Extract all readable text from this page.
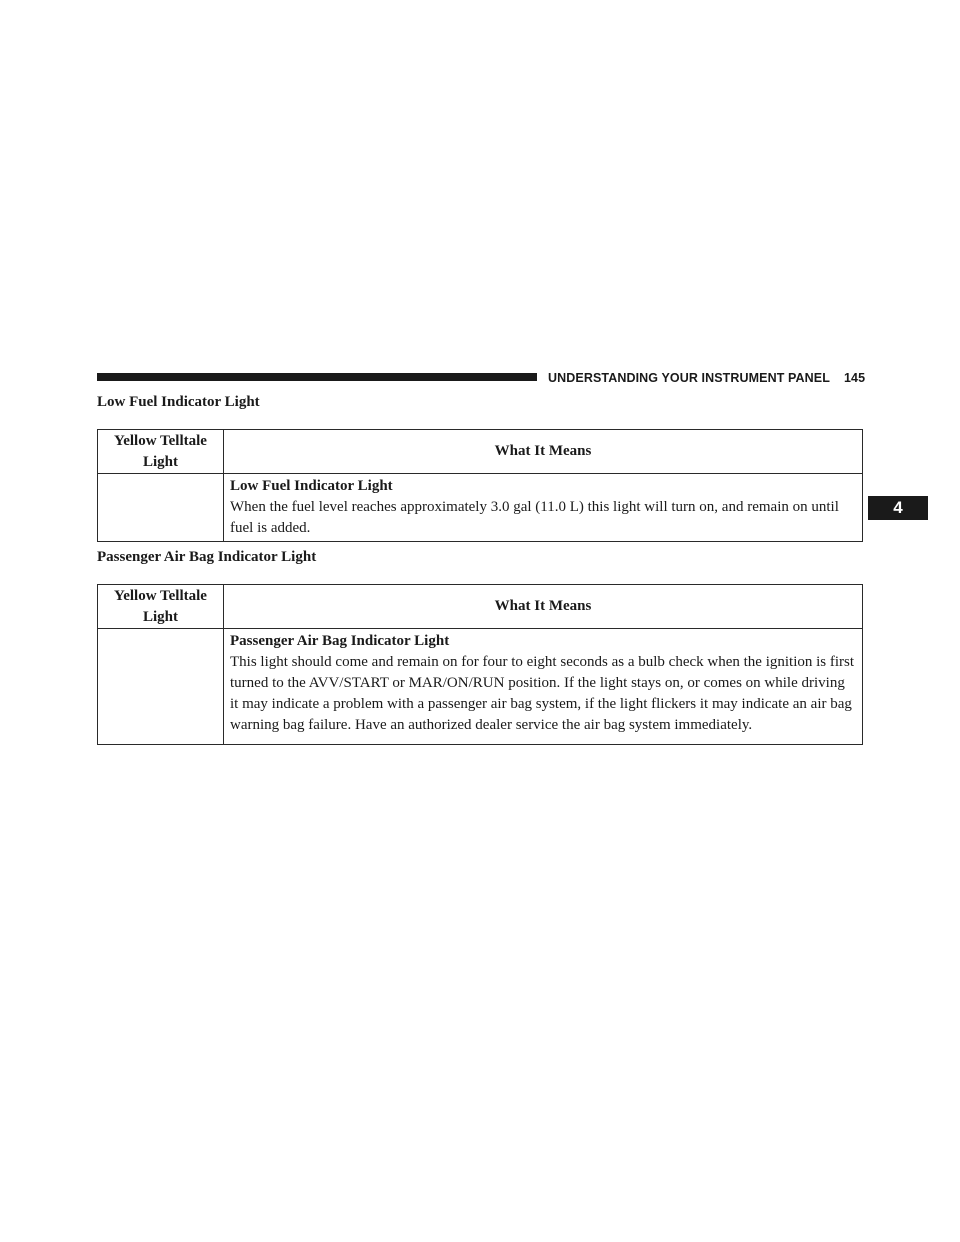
UNDERSTANDING YOUR INSTRUMENT PANEL 145
4
Low Fuel Indicator Light
Yellow Telltale Light	What It Means

	Low Fuel Indicator Light
When the fuel level reaches approximately 3.0 gal (11.0 L) this light will turn on, and remain on until fuel is added.
Passenger Air Bag Indicator Light
Yellow Telltale Light	What It Means

	Passenger Air Bag Indicator Light
This light should come and remain on for four to eight seconds as a bulb check when the ignition is first turned to the AVV/START or MAR/ON/RUN position. If the light stays on, or comes on while driving it may indicate a problem with a passenger air bag system, if the light flickers it may indicate an air bag warning bag failure. Have an authorized dealer service the air bag system immediately.
